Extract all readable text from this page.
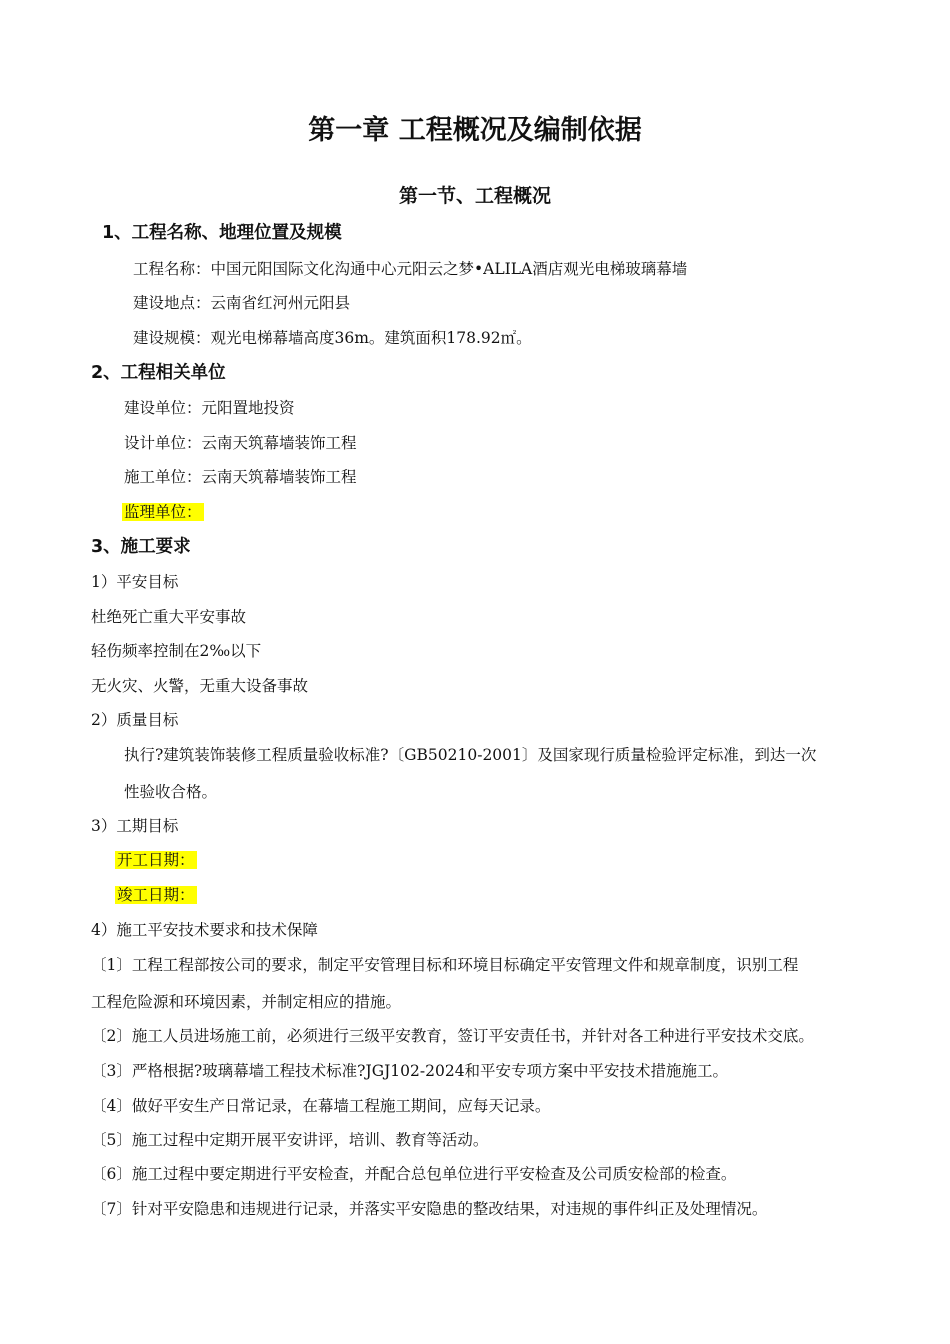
第一章 工程概况及编制依据
第一节、工程概况
1、工程名称、地理位置及规模
工程名称：中国元阳国际文化沟通中心元阳云之梦•ALILA酒店观光电梯玻璃幕墙
建设地点：云南省红河州元阳县
建设规模：观光电梯幕墙高度36m。建筑面积178.92㎡。
2、工程相关单位
建设单位：元阳置地投资
设计单位：云南天筑幕墙装饰工程
施工单位：云南天筑幕墙装饰工程
监理单位：
3、施工要求
1）平安目标
杜绝死亡重大平安事故
轻伤频率控制在2‰以下
无火灾、火警，无重大设备事故
2）质量目标
执行?建筑装饰装修工程质量验收标准?〔GB50210-2001〕及国家现行质量检验评定标准，到达一次
性验收合格。
3）工期目标
开工日期：
竣工日期：
4）施工平安技术要求和技术保障
〔1〕工程工程部按公司的要求，制定平安管理目标和环境目标确定平安管理文件和规章制度，识别工程
工程危险源和环境因素，并制定相应的措施。
〔2〕施工人员进场施工前，必须进行三级平安教育，签订平安责任书，并针对各工种进行平安技术交底。
〔3〕严格根据?玻璃幕墙工程技术标准?JGJ102-2024和平安专项方案中平安技术措施施工。
〔4〕做好平安生产日常记录，在幕墙工程施工期间，应每天记录。
〔5〕施工过程中定期开展平安讲评，培训、教育等活动。
〔6〕施工过程中要定期进行平安检查，并配合总包单位进行平安检查及公司质安检部的检查。
〔7〕针对平安隐患和违规进行记录，并落实平安隐患的整改结果，对违规的事件纠正及处理情况。
